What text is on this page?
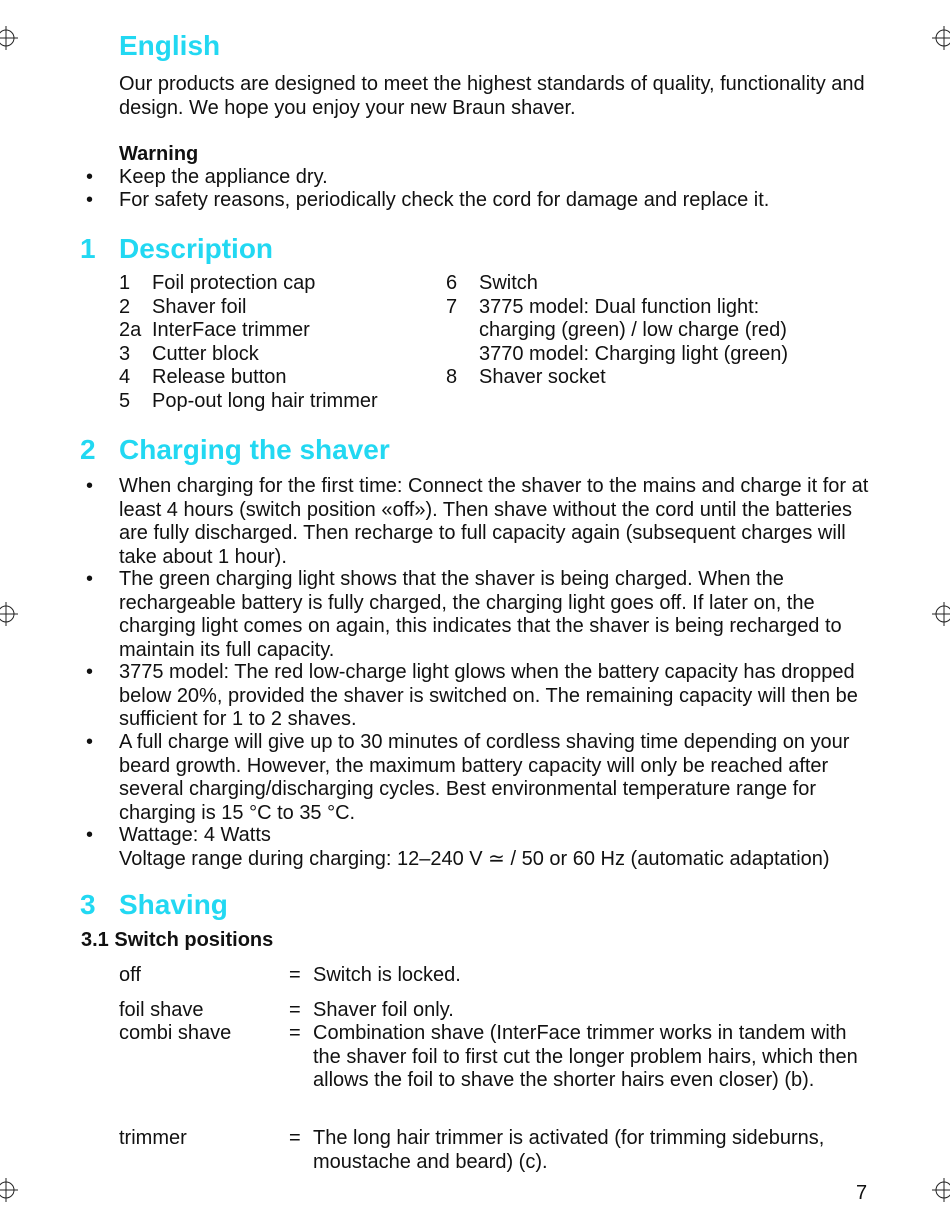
English

Our products are designed to meet the highest standards of quality, functionality and design. We hope you enjoy your new Braun shaver.

Warning

• Keep the appliance dry.
• For safety reasons, periodically check the cord for damage and replace it.
1 Description
1 Foil protection cap
2 Shaver foil
2a InterFace trimmer
3 Cutter block
4 Release button
5 Pop-out long hair trimmer
6 Switch
7 3775 model: Dual function light:
charging (green) / low charge (red)
3770 model: Charging light (green)
8 Shaver socket
2 Charging the shaver
• When charging for the first time: Connect the shaver to the mains and charge it for at least 4 hours (switch position «off»). Then shave without the cord until the batteries are fully discharged. Then recharge to full capacity again (subsequent charges will take about 1 hour).
• The green charging light shows that the shaver is being charged. When the rechargeable battery is fully charged, the charging light goes off. If later on, the charging light comes on again, this indicates that the shaver is being recharged to maintain its full capacity.
• 3775 model: The red low-charge light glows when the battery capacity has dropped below 20%, provided the shaver is switched on. The remaining capacity will then be sufficient for 1 to 2 shaves.
• A full charge will give up to 30 minutes of cordless shaving time depending on your beard growth. However, the maximum battery capacity will only be reached after several charging/discharging cycles. Best environmental temperature range for charging is 15 °C to 35 °C.
• Wattage: 4 Watts
Voltage range during charging: 12–240 V ≃ / 50 or 60 Hz (automatic adaptation)
3 Shaving
3.1 Switch positions
off	= Switch is locked.
foil shave	= Shaver foil only.
combi shave	= Combination shave (InterFace trimmer works in tandem with the shaver foil to first cut the longer problem hairs, which then allows the foil to shave the shorter hairs even closer) (b).
trimmer	= The long hair trimmer is activated (for trimming sideburns, moustache and beard) (c).
7
